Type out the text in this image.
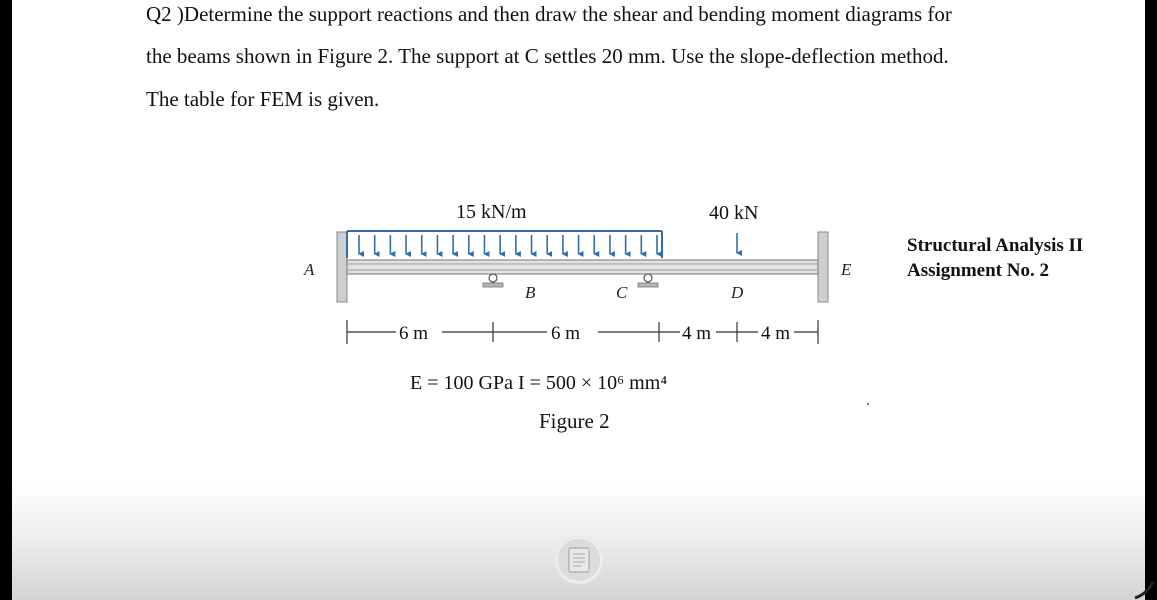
Q2 )Determine the support reactions and then draw the shear and bending moment diagrams for
the beams shown in Figure 2. The support at C settles 20 mm. Use the slope-deflection method.
The table for FEM is given.
15 kN/m	40 kN
A
B	C	D
E
6 m	6 m	4 m	4 m
E = 100 GPa I = 500 × 10⁶ mm⁴
Figure 2
Structural Analysis II
Assignment No. 2
